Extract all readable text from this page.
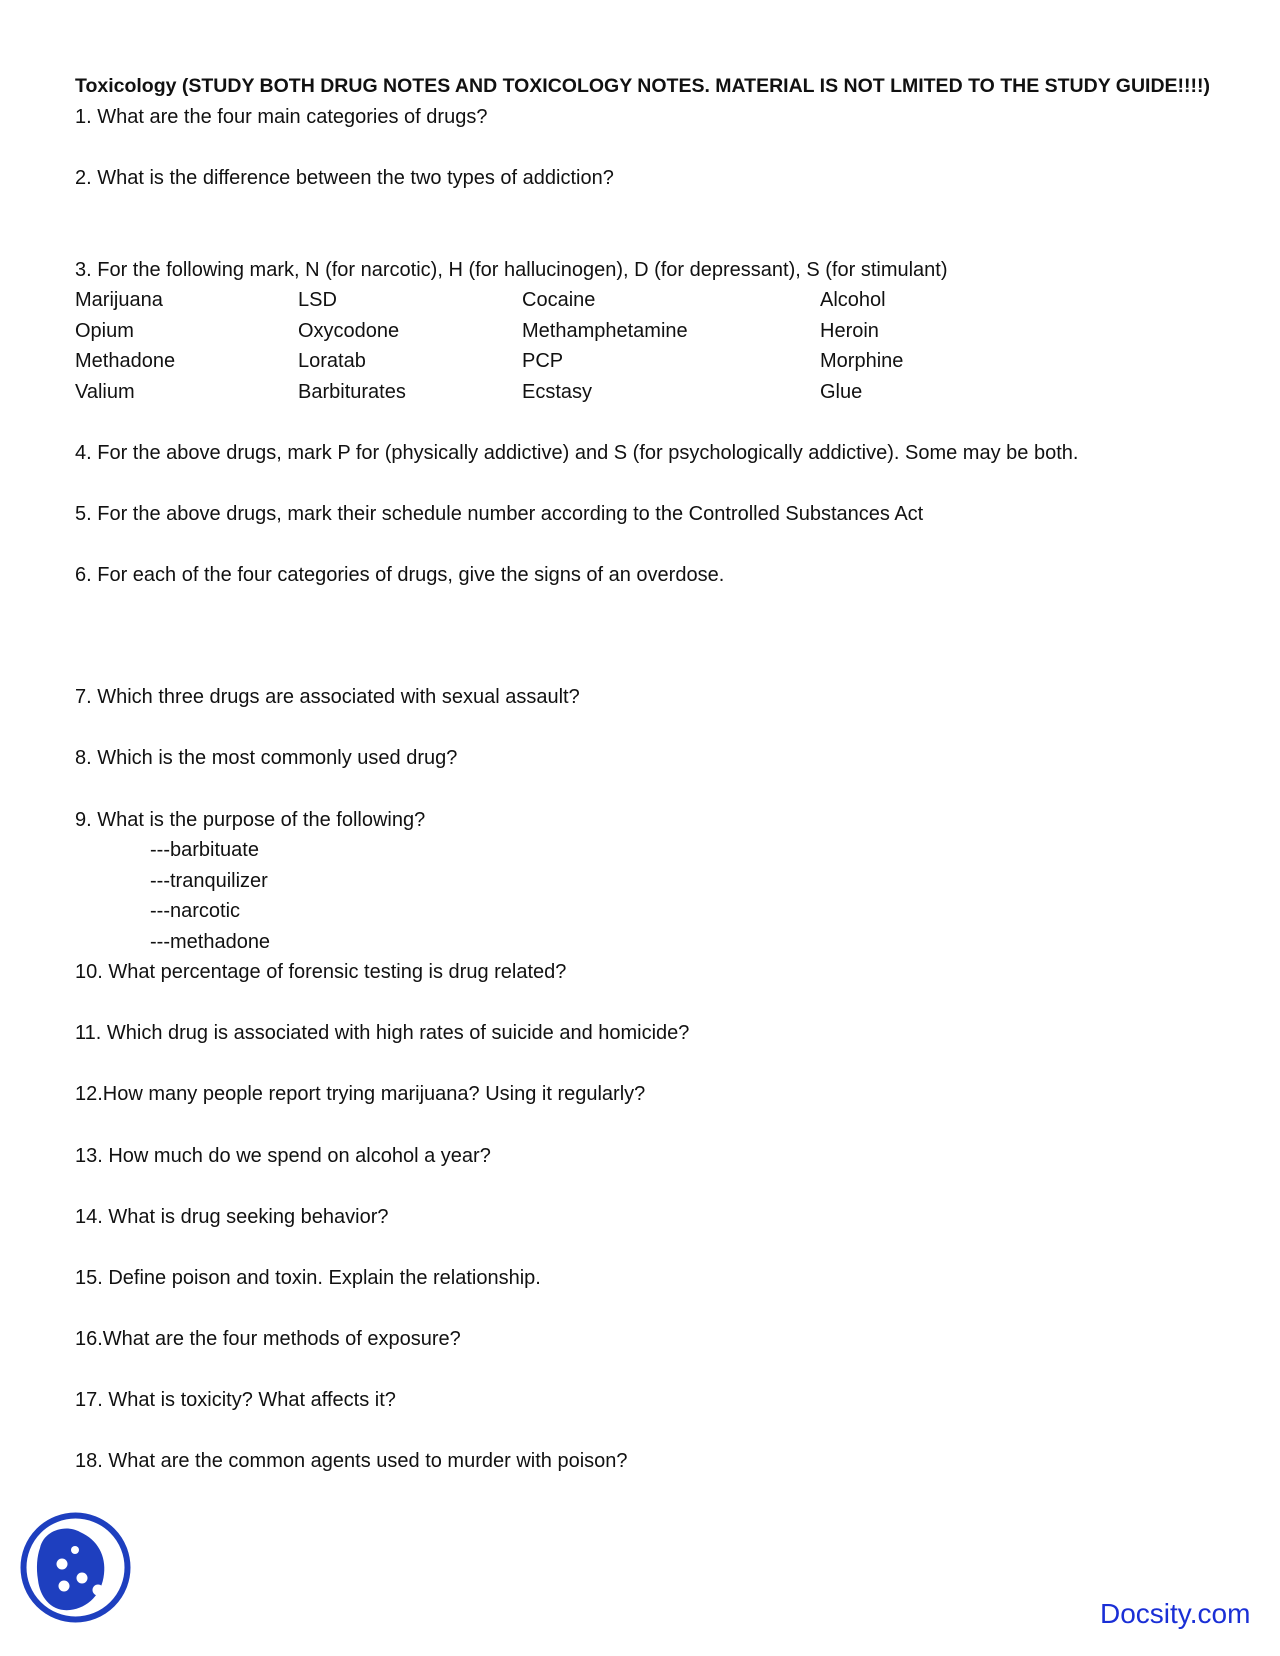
Toxicology (STUDY BOTH DRUG NOTES AND TOXICOLOGY NOTES. MATERIAL IS NOT LMITED TO THE STUDY GUIDE!!!!)
1. What are the four main categories of drugs?
2. What is the difference between the two types of addiction?
3. For the following mark, N (for narcotic), H (for hallucinogen), D (for depressant), S (for stimulant)
Marijuana	LSD	Cocaine	Alcohol
Opium	Oxycodone	Methamphetamine	Heroin
Methadone	Loratab	PCP	Morphine
Valium	Barbiturates	Ecstasy	Glue
4. For the above drugs, mark P for (physically addictive) and S (for psychologically addictive). Some may be both.
5. For the above drugs, mark their schedule number according to the Controlled Substances Act
6. For each of the four categories of drugs, give the signs of an overdose.
7. Which three drugs are associated with sexual assault?
8. Which is the most commonly used drug?
9. What is the purpose of the following?
---barbituate
---tranquilizer
---narcotic
---methadone
10. What percentage of forensic testing is drug related?
11. Which drug is associated with high rates of suicide and homicide?
12.How many people report trying marijuana? Using it regularly?
13. How much do we spend on alcohol a year?
14. What is drug seeking behavior?
15. Define poison and toxin. Explain the relationship.
16.What are the four methods of exposure?
17. What is toxicity? What affects it?
18. What are the common agents used to murder with poison?
Docsity.com
